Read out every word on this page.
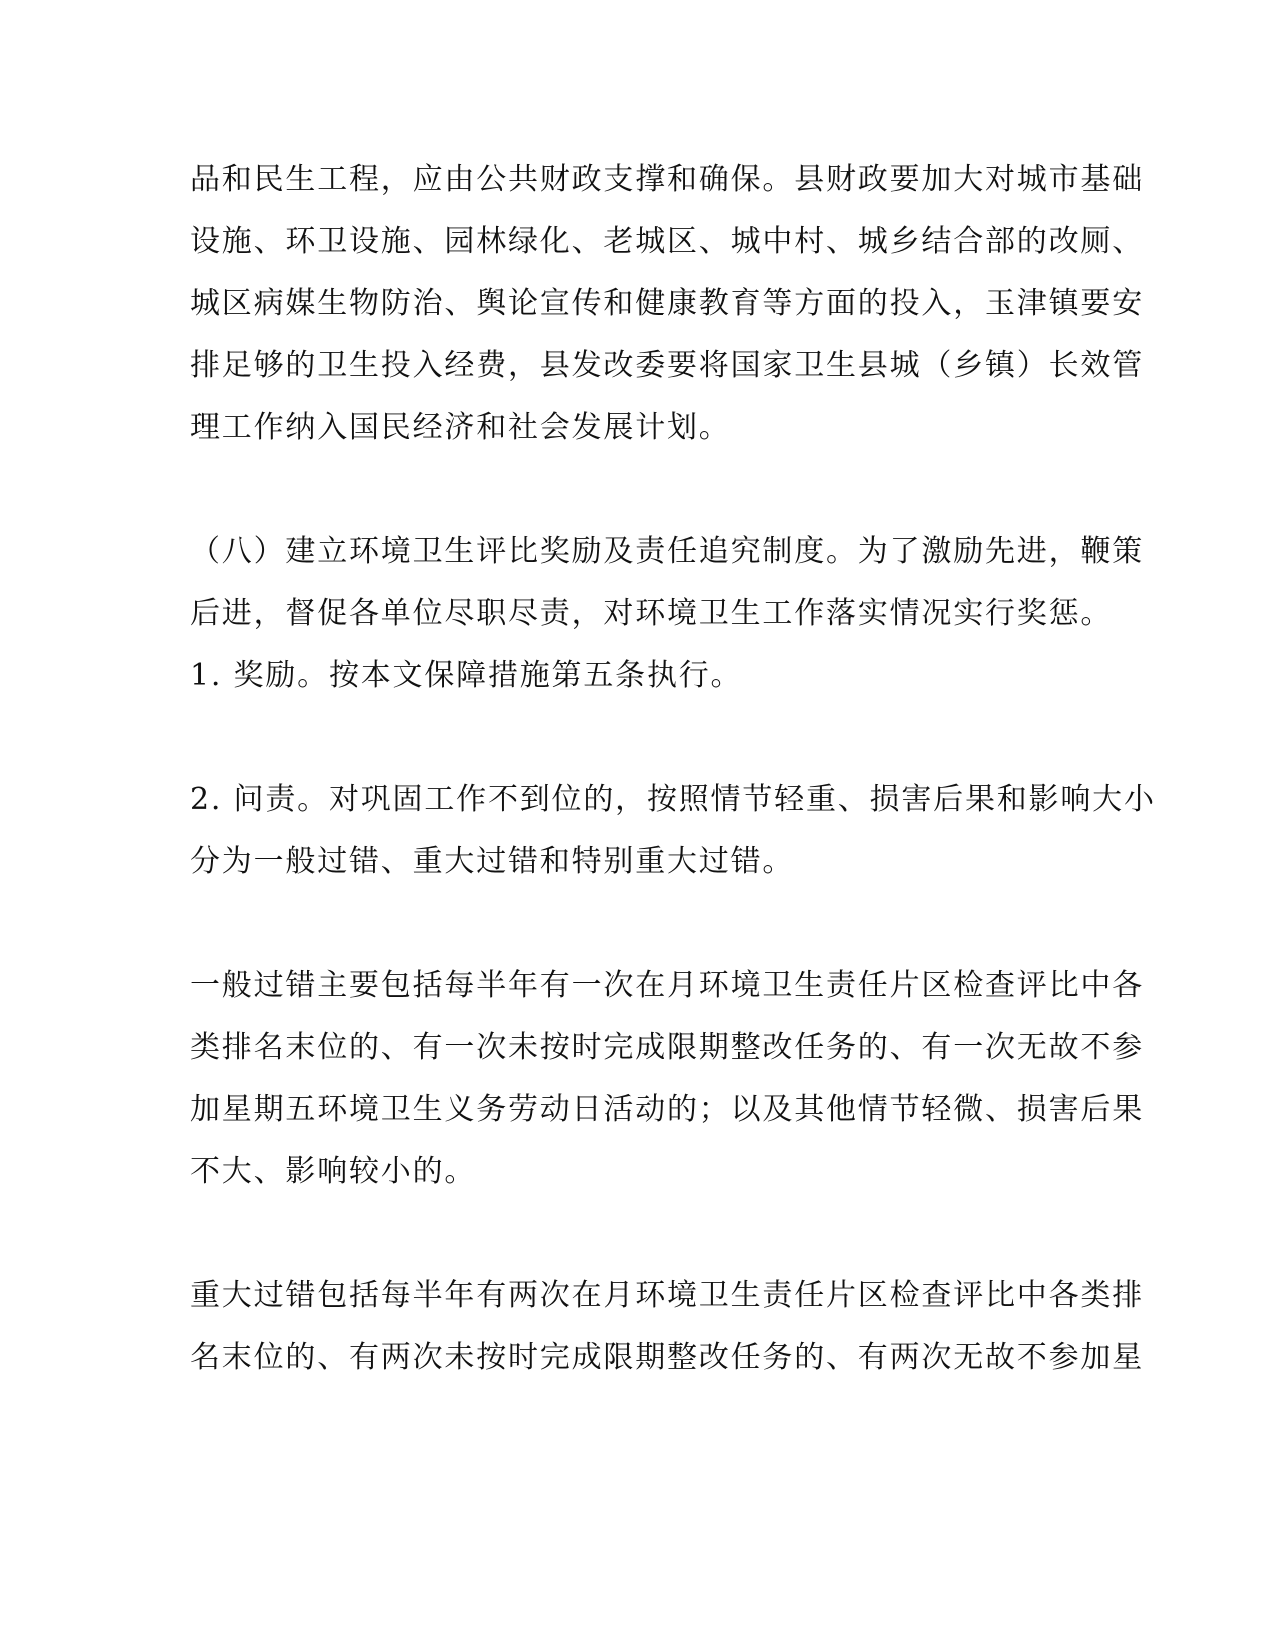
品和民生工程，应由公共财政支撑和确保。县财政要加大对城市基础
设施、环卫设施、园林绿化、老城区、城中村、城乡结合部的改厕、
城区病媒生物防治、舆论宣传和健康教育等方面的投入，玉津镇要安
排足够的卫生投入经费，县发改委要将国家卫生县城（乡镇）长效管
理工作纳入国民经济和社会发展计划。
（八）建立环境卫生评比奖励及责任追究制度。为了激励先进，鞭策
后进，督促各单位尽职尽责，对环境卫生工作落实情况实行奖惩。
1. 奖励。按本文保障措施第五条执行。
2. 问责。对巩固工作不到位的，按照情节轻重、损害后果和影响大小
分为一般过错、重大过错和特别重大过错。
一般过错主要包括每半年有一次在月环境卫生责任片区检查评比中各
类排名末位的、有一次未按时完成限期整改任务的、有一次无故不参
加星期五环境卫生义务劳动日活动的；以及其他情节轻微、损害后果
不大、影响较小的。
重大过错包括每半年有两次在月环境卫生责任片区检查评比中各类排
名末位的、有两次未按时完成限期整改任务的、有两次无故不参加星
